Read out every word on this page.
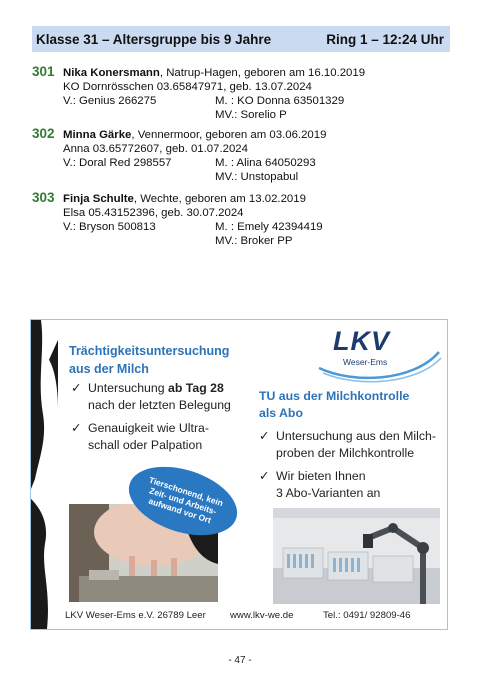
Klasse 31 – Altersgruppe bis 9 Jahre	Ring 1 – 12:24 Uhr
301 Nika Konersmann, Natrup-Hagen, geboren am 16.10.2019
KO Dornrösschen 03.65847971, geb. 13.07.2024
V.: Genius 266275	M. : KO Donna 63501329
MV.: Sorelio P
302 Minna Gärke, Vennermoor, geboren am 03.06.2019
Anna 03.65772607, geb. 01.07.2024
V.: Doral Red 298557	M. : Alina 64050293
MV.: Unstopabul
303 Finja Schulte, Wechte, geboren am 13.02.2019
Elsa 05.43152396, geb. 30.07.2024
V.: Bryson 500813	M. : Emely 42394419
MV.: Broker PP
Trächtigkeitsuntersuchung
aus der Milch
LKV
Weser-Ems
✓ Untersuchung ab Tag 28
nach der letzten Belegung
✓ Genauigkeit wie Ultra-
schall oder Palpation
TU aus der Milchkontrolle
als Abo
✓ Untersuchung aus den Milch-
proben der Milchkontrolle
✓ Wir bieten Ihnen
3 Abo-Varianten an
Tierschonend, kein Zeit- und Arbeits-aufwand vor Ort
LKV Weser-Ems e.V. 26789 Leer	www.lkv-we.de	Tel.: 0491/ 92809-46
- 47 -
